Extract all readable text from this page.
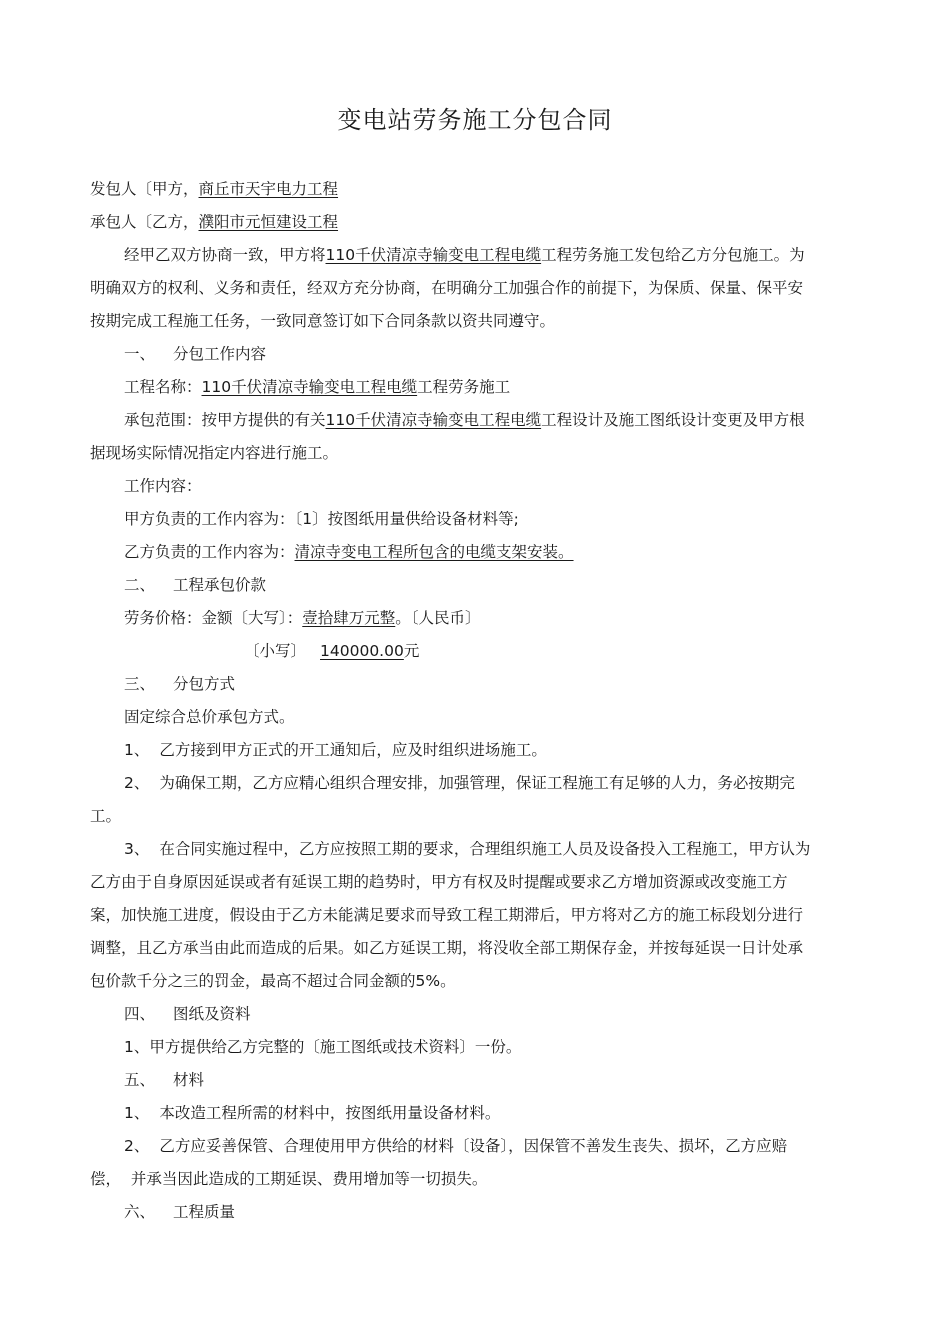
变电站劳务施工分包合同
发包人〔甲方，商丘市天宇电力工程
承包人〔乙方，濮阳市元恒建设工程
经甲乙双方协商一致，甲方将110千伏清凉寺输变电工程电缆工程劳务施工发包给乙方分包施工。为
明确双方的权利、义务和责任，经双方充分协商，在明确分工加强合作的前提下，为保质、保量、保平安
按期完成工程施工任务，一致同意签订如下合同条款以资共同遵守。
一、 分包工作内容
工程名称：110千伏清凉寺输变电工程电缆工程劳务施工
承包范围：按甲方提供的有关110千伏清凉寺输变电工程电缆工程设计及施工图纸设计变更及甲方根
据现场实际情况指定内容进行施工。
工作内容：
甲方负责的工作内容为：〔1〕按图纸用量供给设备材料等;
乙方负责的工作内容为：清凉寺变电工程所包含的电缆支架安装。
二、 工程承包价款
劳务价格：金额〔大写〕：壹拾肆万元整。〔人民币〕
〔小写〕 140000.00元
三、 分包方式
固定综合总价承包方式。
1、 乙方接到甲方正式的开工通知后，应及时组织进场施工。
2、 为确保工期，乙方应精心组织合理安排，加强管理，保证工程施工有足够的人力，务必按期完
工。
3、 在合同实施过程中，乙方应按照工期的要求，合理组织施工人员及设备投入工程施工，甲方认为
乙方由于自身原因延误或者有延误工期的趋势时，甲方有权及时提醒或要求乙方增加资源或改变施工方
案，加快施工进度，假设由于乙方未能满足要求而导致工程工期滞后，甲方将对乙方的施工标段划分进行
调整，且乙方承当由此而造成的后果。如乙方延误工期，将没收全部工期保存金，并按每延误一日计处承
包价款千分之三的罚金，最高不超过合同金额的5%。
四、 图纸及资料
1、甲方提供给乙方完整的〔施工图纸或技术资料〕一份。
五、 材料
1、 本改造工程所需的材料中，按图纸用量设备材料。
2、 乙方应妥善保管、合理使用甲方供给的材料〔设备〕，因保管不善发生丧失、损坏，乙方应赔
偿，  并承当因此造成的工期延误、费用增加等一切损失。
六、 工程质量
